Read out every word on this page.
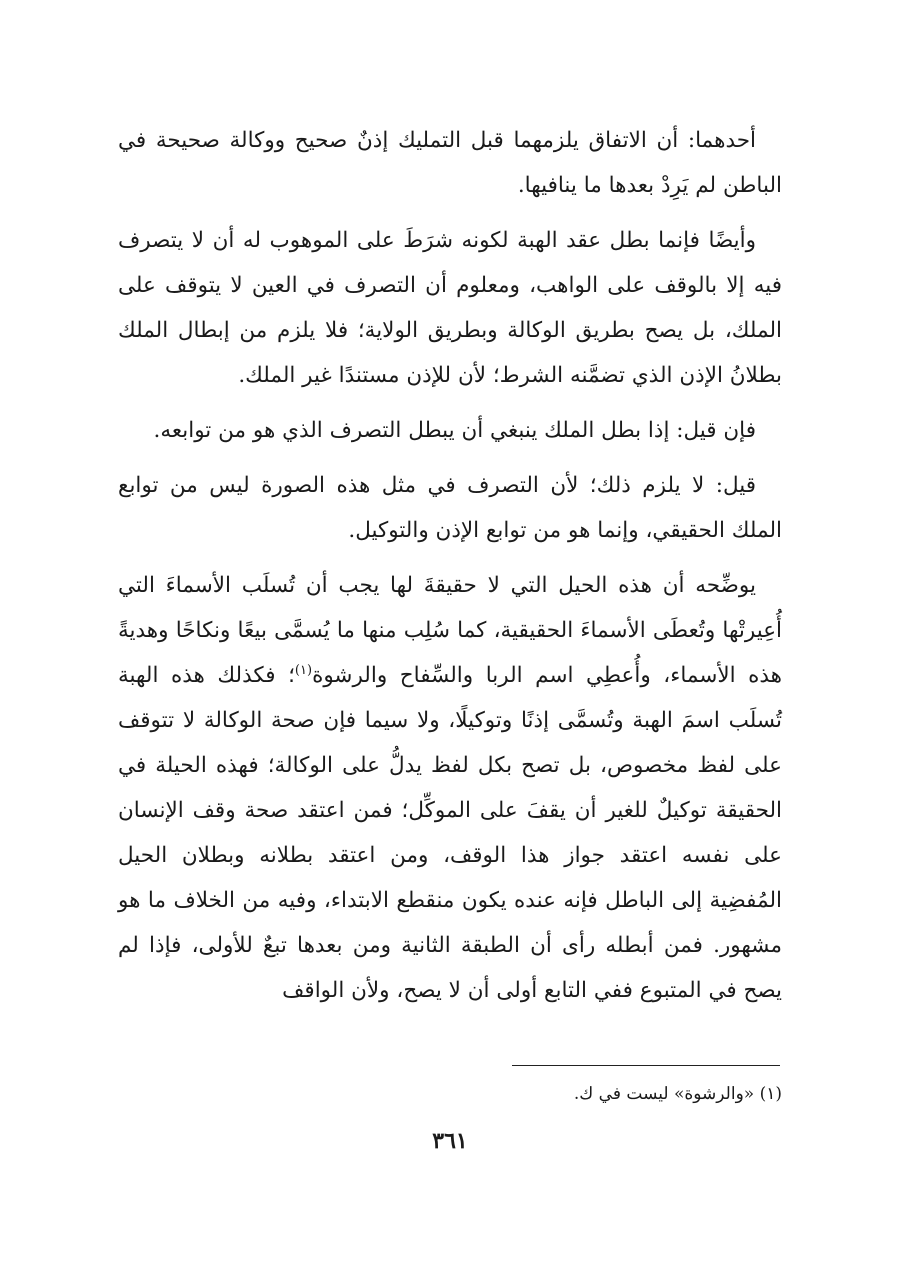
أحدهما: أن الاتفاق يلزمهما قبل التمليك إذنٌ صحيح ووكالة صحيحة في الباطن لم يَرِدْ بعدها ما ينافيها.

وأيضًا فإنما بطل عقد الهبة لكونه شرَطَ على الموهوب له أن لا يتصرف فيه إلا بالوقف على الواهب، ومعلوم أن التصرف في العين لا يتوقف على الملك، بل يصح بطريق الوكالة وبطريق الولاية؛ فلا يلزم من إبطال الملك بطلانُ الإذن الذي تضمَّنه الشرط؛ لأن للإذن مستندًا غير الملك.

فإن قيل: إذا بطل الملك ينبغي أن يبطل التصرف الذي هو من توابعه.

قيل: لا يلزم ذلك؛ لأن التصرف في مثل هذه الصورة ليس من توابع الملك الحقيقي، وإنما هو من توابع الإذن والتوكيل.

يوضِّحه أن هذه الحيل التي لا حقيقةَ لها يجب أن تُسلَب الأسماءَ التي أُعِيرتْها وتُعطَى الأسماءَ الحقيقية، كما سُلِب منها ما يُسمَّى بيعًا ونكاحًا وهديةً هذه الأسماء، وأُعطِي اسم الربا والسِّفاح والرشوة$^{(١)}$؛ فكذلك هذه الهبة تُسلَب اسمَ الهبة وتُسمَّى إذنًا وتوكيلًا، ولا سيما فإن صحة الوكالة لا تتوقف على لفظ مخصوص، بل تصح بكل لفظ يدلُّ على الوكالة؛ فهذه الحيلة في الحقيقة توكيلٌ للغير أن يقفَ على الموكِّل؛ فمن اعتقد صحة وقف الإنسان على نفسه اعتقد جواز هذا الوقف، ومن اعتقد بطلانه وبطلان الحيل المُفضِية إلى الباطل فإنه عنده يكون منقطع الابتداء، وفيه من الخلاف ما هو مشهور. فمن أبطله رأى أن الطبقة الثانية ومن بعدها تبعٌ للأولى، فإذا لم يصح في المتبوع ففي التابع أولى أن لا يصح، ولأن الواقف

(١) «والرشوة» ليست في ك.
٣٦١
